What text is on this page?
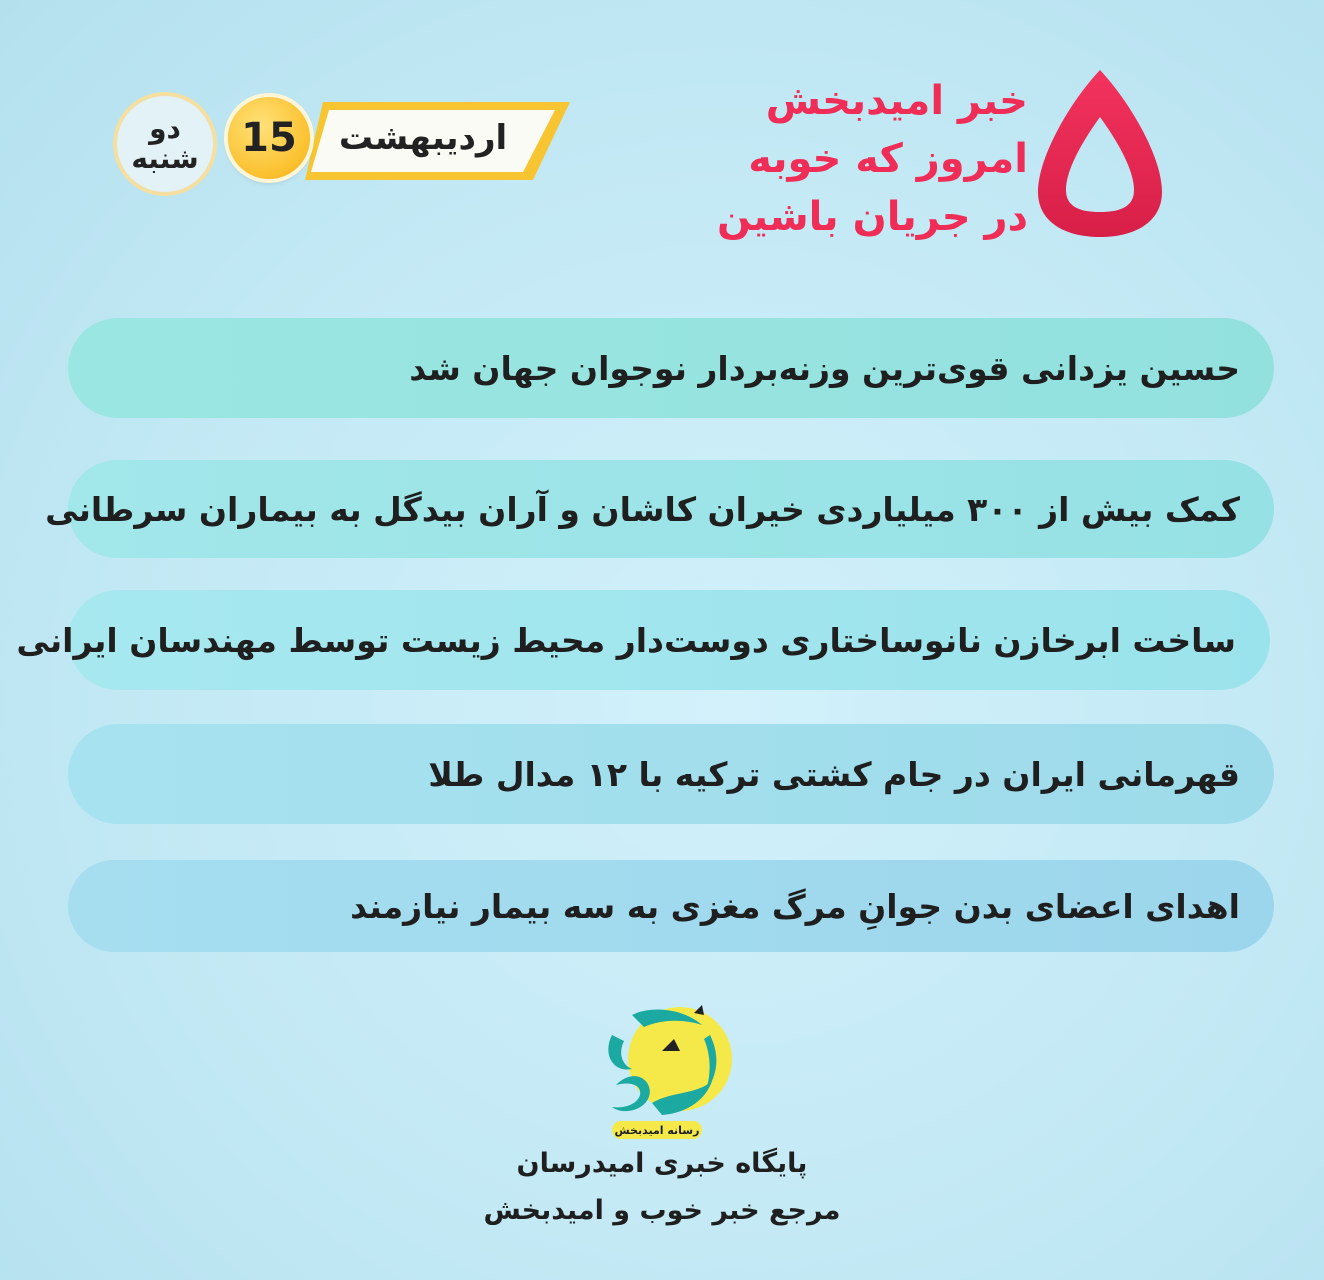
خبر امیدبخش
امروز که خوبه
در جریان باشین
دو
شنبه
اردیبهشت
15
حسین یزدانی قوی‌ترین وزنه‌بردار نوجوان جهان شد
کمک بیش از ۳۰۰ میلیاردی خیران کاشان و آران بیدگل به بیماران سرطانی
ساخت ابرخازن نانوساختاری دوست‌دار محیط زیست توسط مهندسان ایرانی
قهرمانی ایران در جام کشتی ترکیه با ۱۲ مدال طلا
اهدای اعضای بدن جوانِ مرگ مغزی به سه بیمار نیازمند
رسانه امیدبخش
پایگاه خبری امیدرسان
مرجع خبر خوب و امیدبخش
